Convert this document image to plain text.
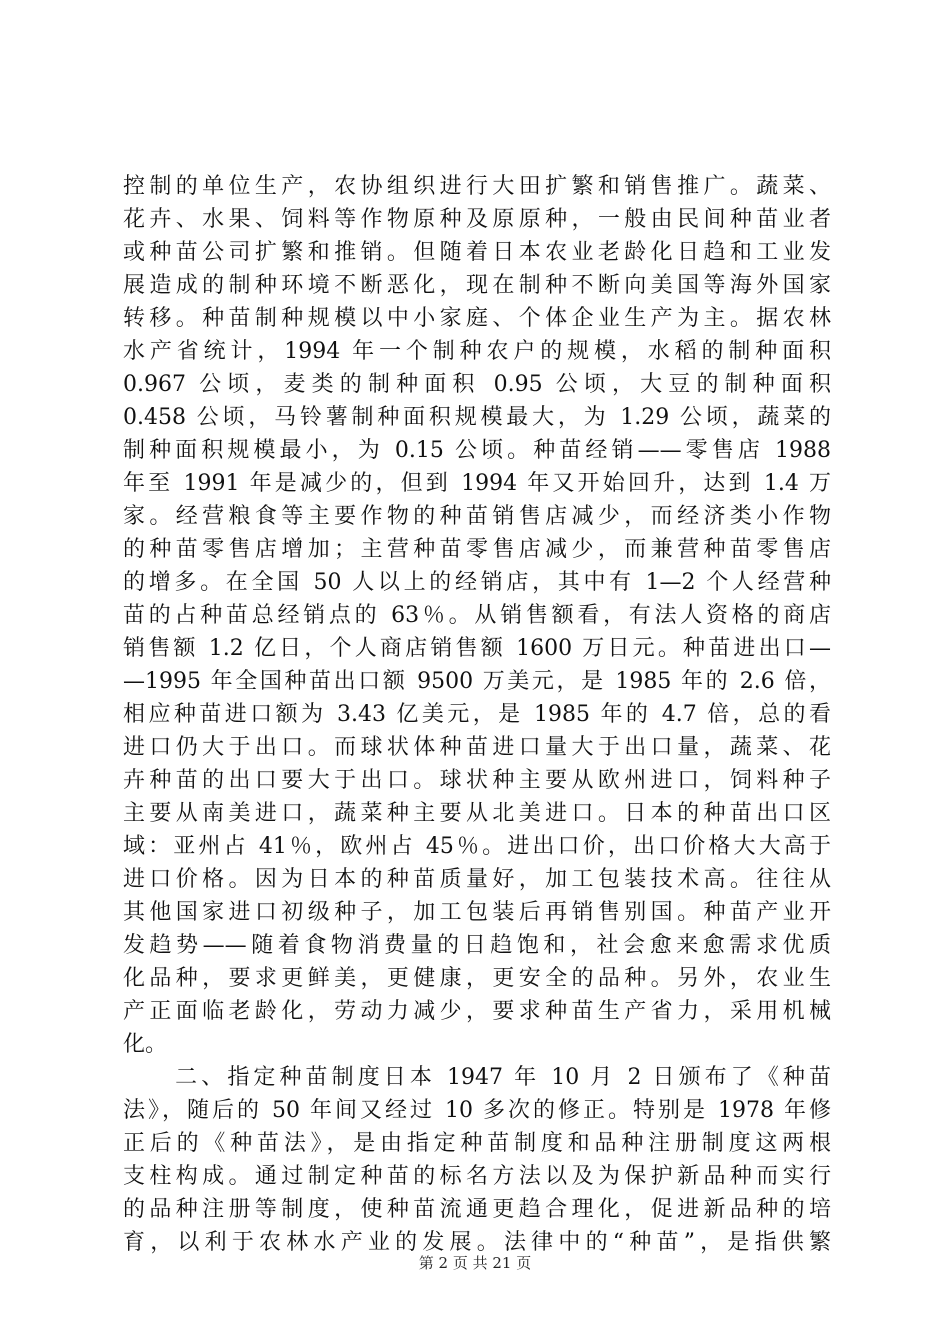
控制的单位生产，农协组织进行大田扩繁和销售推广。蔬菜、
花卉、水果、饲料等作物原种及原原种，一般由民间种苗业者
或种苗公司扩繁和推销。但随着日本农业老龄化日趋和工业发
展造成的制种环境不断恶化，现在制种不断向美国等海外国家
转移。种苗制种规模以中小家庭、个体企业生产为主。据农林
水产省统计，1994 年一个制种农户的规模，水稻的制种面积
0.967 公顷，麦类的制种面积 0.95 公顷，大豆的制种面积
0.458 公顷，马铃薯制种面积规模最大，为 1.29 公顷，蔬菜的
制种面积规模最小，为 0.15 公顷。种苗经销——零售店 1988
年至 1991 年是减少的，但到 1994 年又开始回升，达到 1.4 万
家。经营粮食等主要作物的种苗销售店减少，而经济类小作物
的种苗零售店增加；主营种苗零售店减少，而兼营种苗零售店
的增多。在全国 50 人以上的经销店，其中有 1—2 个人经营种
苗的占种苗总经销点的 63％。从销售额看，有法人资格的商店
销售额 1.2 亿日，个人商店销售额 1600 万日元。种苗进出口—
—1995 年全国种苗出口额 9500 万美元，是 1985 年的 2.6 倍，
相应种苗进口额为 3.43 亿美元，是 1985 年的 4.7 倍，总的看
进口仍大于出口。而球状体种苗进口量大于出口量，蔬菜、花
卉种苗的出口要大于出口。球状种主要从欧州进口，饲料种子
主要从南美进口，蔬菜种主要从北美进口。日本的种苗出口区
域：亚州占 41％，欧州占 45％。进出口价，出口价格大大高于
进口价格。因为日本的种苗质量好，加工包装技术高。往往从
其他国家进口初级种子，加工包装后再销售别国。种苗产业开
发趋势——随着食物消费量的日趋饱和，社会愈来愈需求优质
化品种，要求更鲜美，更健康，更安全的品种。另外，农业生
产正面临老龄化，劳动力减少，要求种苗生产省力，采用机械
化。
　　二、指定种苗制度日本 1947 年 10 月 2 日颁布了《种苗
法》，随后的 50 年间又经过 10 多次的修正。特别是 1978 年修
正后的《种苗法》，是由指定种苗制度和品种注册制度这两根
支柱构成。通过制定种苗的标名方法以及为保护新品种而实行
的品种注册等制度，使种苗流通更趋合理化，促进新品种的培
育，以利于农林水产业的发展。法律中的“种苗”，是指供繁
第 2 页 共 21 页
